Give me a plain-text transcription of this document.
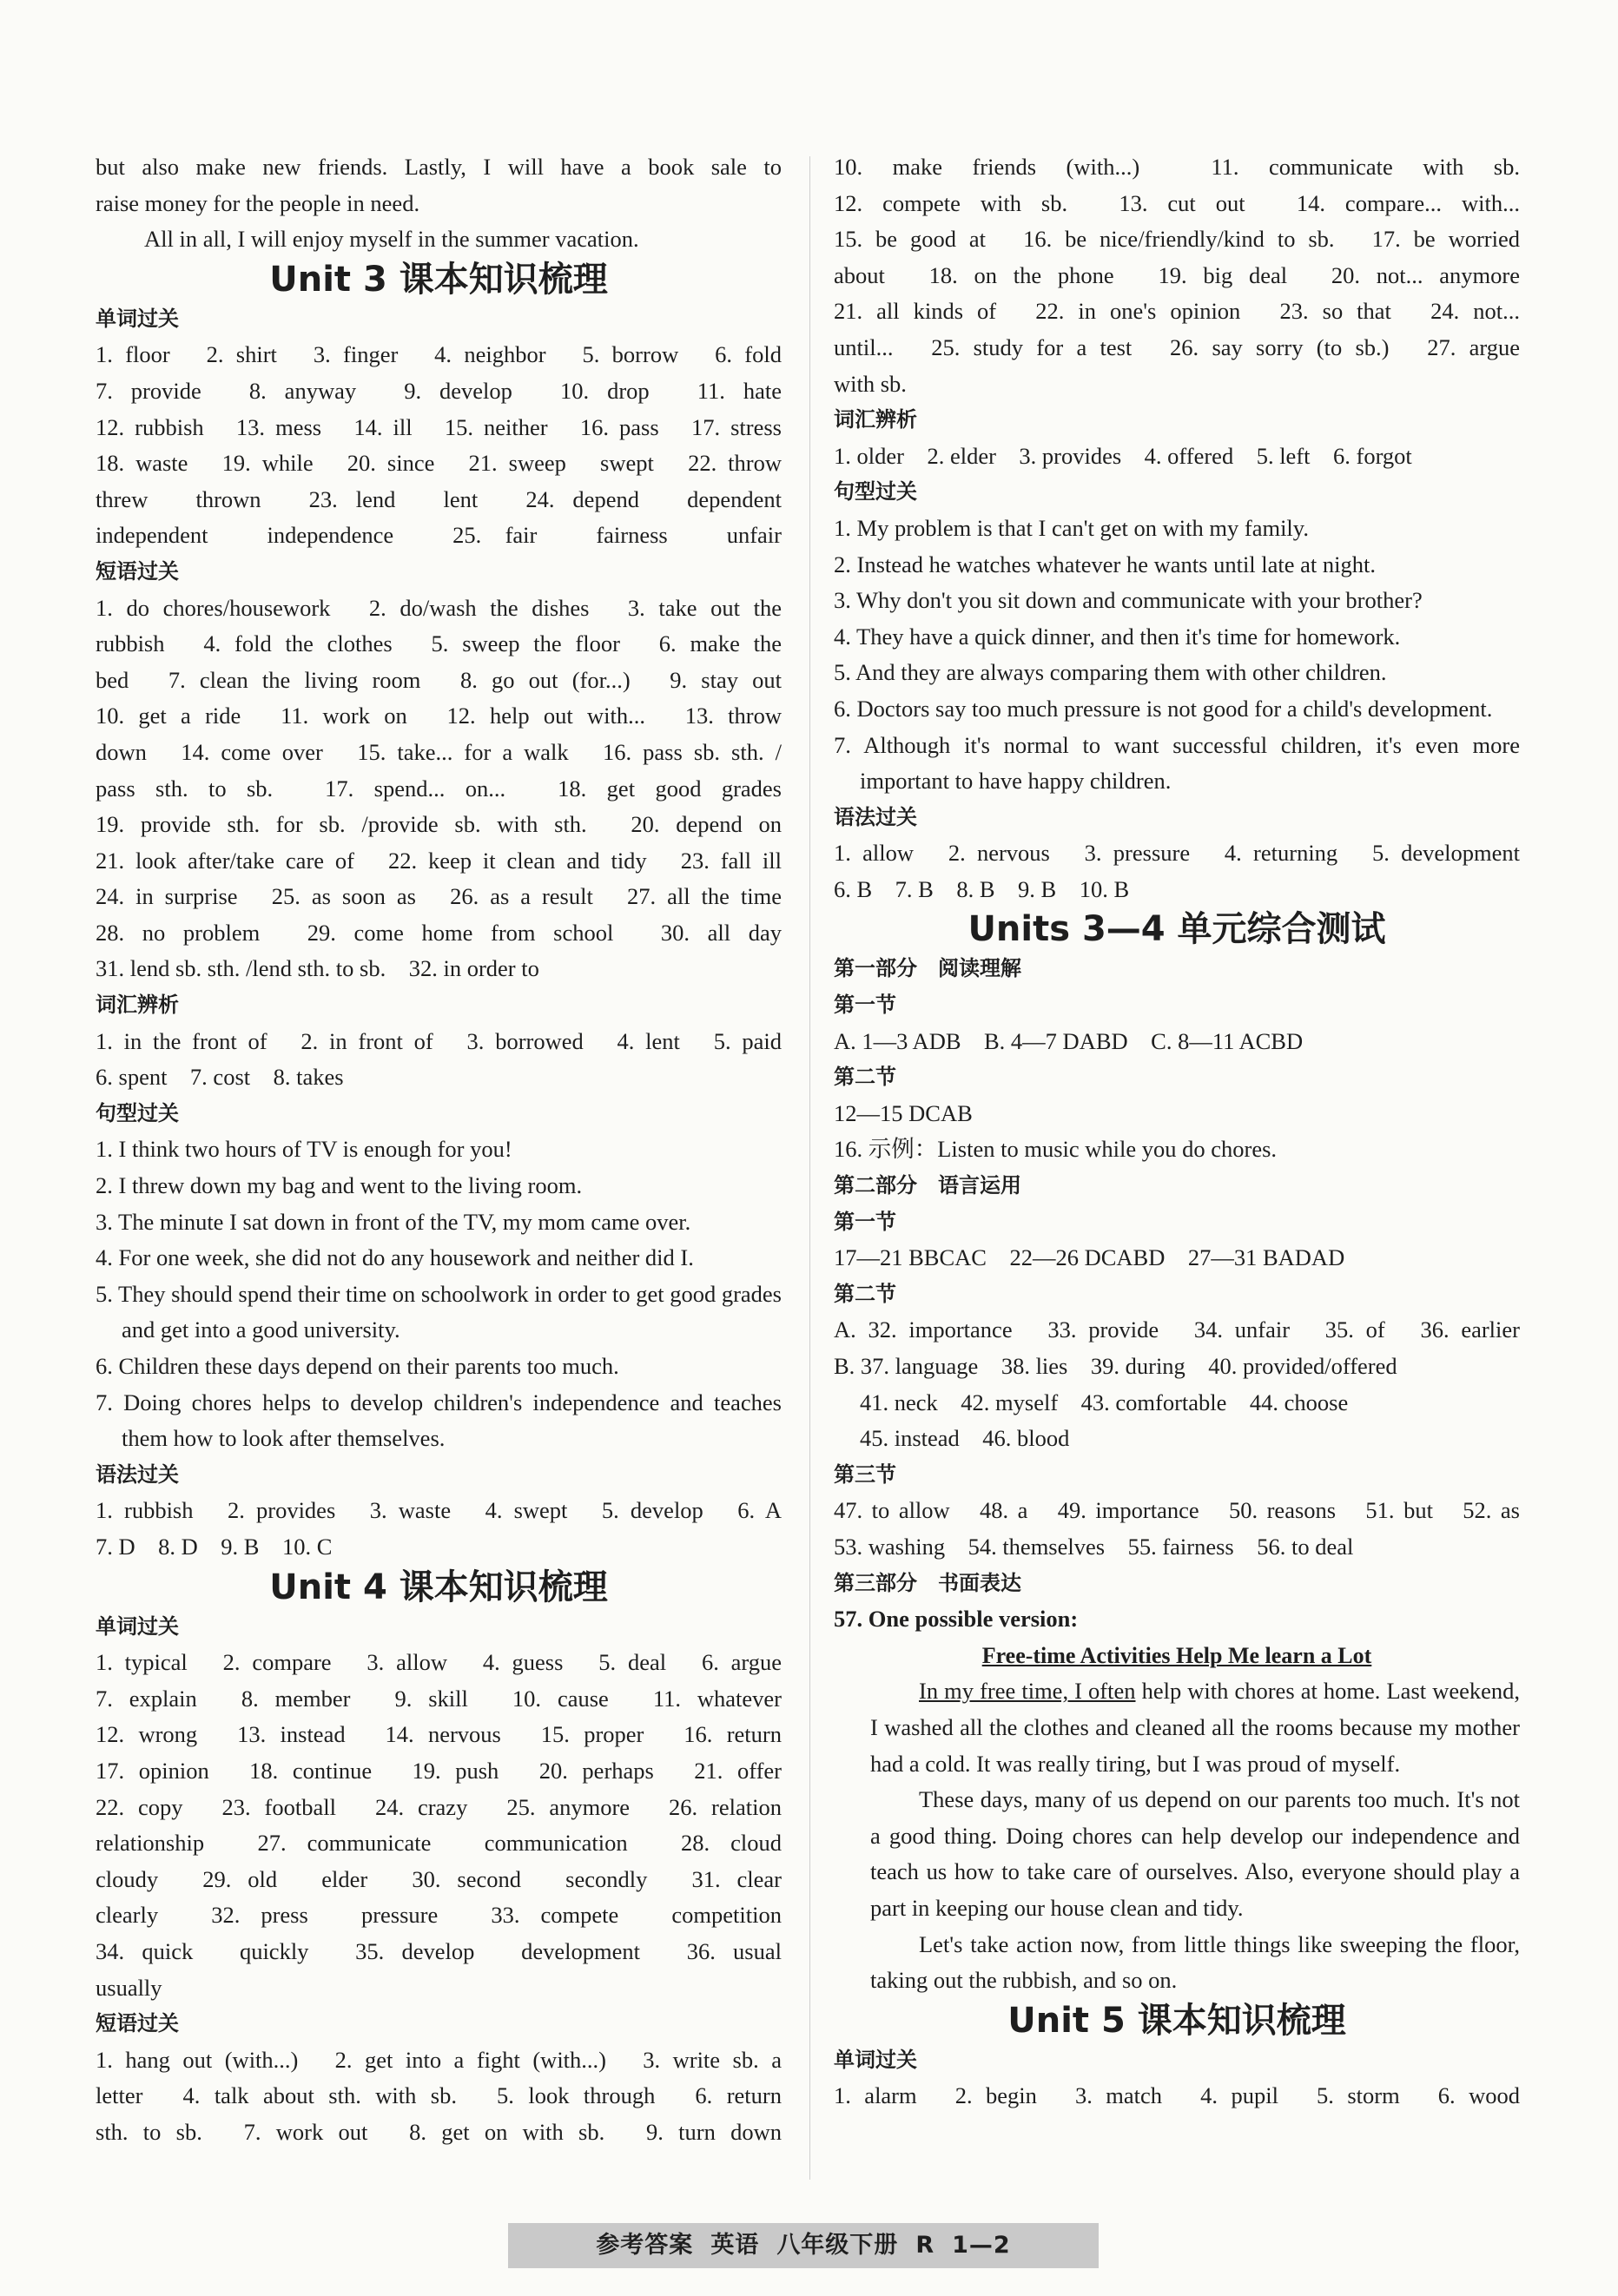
but also make new friends. Lastly, I will have a book sale to

raise money for the people in need.

All in all, I will enjoy myself in the summer vacation.

Unit 3 课本知识梳理

单词过关

1. floor　2. shirt　3. finger　4. neighbor　5. borrow　6. fold

7. provide　8. anyway　9. develop　10. drop　11. hate

12. rubbish　13. mess　14. ill　15. neither　16. pass　17. stress

18. waste　19. while　20. since　21. sweep　swept　22. throw

threw　thrown　23. lend　lent　24. depend　dependent

independent　independence　25. fair　fairness　unfair

短语过关

1. do chores/housework　2. do/wash the dishes　3. take out the

rubbish　4. fold the clothes　5. sweep the floor　6. make the

bed　7. clean the living room　8. go out (for...)　9. stay out

10. get a ride　11. work on　12. help out with...　13. throw

down　14. come over　15. take... for a walk　16. pass sb. sth. /

pass sth. to sb.　17. spend... on...　18. get good grades

19. provide sth. for sb. /provide sb. with sth.　20. depend on

21. look after/take care of　22. keep it clean and tidy　23. fall ill

24. in surprise　25. as soon as　26. as a result　27. all the time

28. no problem　29. come home from school　30. all day

31. lend sb. sth. /lend sth. to sb.　32. in order to

词汇辨析

1. in the front of　2. in front of　3. borrowed　4. lent　5. paid

6. spent　7. cost　8. takes

句型过关

1. I think two hours of TV is enough for you!

2. I threw down my bag and went to the living room.

3. The minute I sat down in front of the TV, my mom came over.

4. For one week, she did not do any housework and neither did I.

5. They should spend their time on schoolwork in order to get good grades and get into a good university.

6. Children these days depend on their parents too much.

7. Doing chores helps to develop children's independence and teaches them how to look after themselves.

语法过关

1. rubbish　2. provides　3. waste　4. swept　5. develop　6. A

7. D　8. D　9. B　10. C

Unit 4 课本知识梳理

单词过关

1. typical　2. compare　3. allow　4. guess　5. deal　6. argue

7. explain　8. member　9. skill　10. cause　11. whatever

12. wrong　13. instead　14. nervous　15. proper　16. return

17. opinion　18. continue　19. push　20. perhaps　21. offer

22. copy　23. football　24. crazy　25. anymore　26. relation

relationship　27. communicate　communication　28. cloud

cloudy　29. old　elder　30. second　secondly　31. clear

clearly　32. press　pressure　33. compete　competition

34. quick　quickly　35. develop　development　36. usual

usually

短语过关

1. hang out (with...)　2. get into a fight (with...)　3. write sb. a

letter　4. talk about sth. with sb.　5. look through　6. return

sth. to sb.　7. work out　8. get on with sb.　9. turn down

10. make friends (with...)　11. communicate with sb.

12. compete with sb.　13. cut out　14. compare... with...

15. be good at　16. be nice/friendly/kind to sb.　17. be worried

about　18. on the phone　19. big deal　20. not... anymore

21. all kinds of　22. in one's opinion　23. so that　24. not...

until...　25. study for a test　26. say sorry (to sb.)　27. argue

with sb.

词汇辨析

1. older　2. elder　3. provides　4. offered　5. left　6. forgot

句型过关

1. My problem is that I can't get on with my family.

2. Instead he watches whatever he wants until late at night.

3. Why don't you sit down and communicate with your brother?

4. They have a quick dinner, and then it's time for homework.

5. And they are always comparing them with other children.

6. Doctors say too much pressure is not good for a child's development.

7. Although it's normal to want successful children, it's even more important to have happy children.

语法过关

1. allow　2. nervous　3. pressure　4. returning　5. development

6. B　7. B　8. B　9. B　10. B

Units 3—4 单元综合测试

第一部分　阅读理解

第一节

A. 1—3 ADB　B. 4—7 DABD　C. 8—11 ACBD

第二节

12—15 DCAB

16. 示例：Listen to music while you do chores.

第二部分　语言运用

第一节

17—21 BBCAC　22—26 DCABD　27—31 BADAD

第二节

A. 32. importance　33. provide　34. unfair　35. of　36. earlier

B. 37. language　38. lies　39. during　40. provided/offered

41. neck　42. myself　43. comfortable　44. choose

45. instead　46. blood

第三节

47. to allow　48. a　49. importance　50. reasons　51. but　52. as

53. washing　54. themselves　55. fairness　56. to deal

第三部分　书面表达

57. One possible version:

Free-time Activities Help Me learn a Lot

In my free time, I often help with chores at home. Last weekend, I washed all the clothes and cleaned all the rooms because my mother had a cold. It was really tiring, but I was proud of myself.

These days, many of us depend on our parents too much. It's not a good thing. Doing chores can help develop our independence and teach us how to take care of ourselves. Also, everyone should play a part in keeping our house clean and tidy.

Let's take action now, from little things like sweeping the floor, taking out the rubbish, and so on.

Unit 5 课本知识梳理

单词过关

1. alarm　2. begin　3. match　4. pupil　5. storm　6. wood

参考答案 英语 八年级下册 R 1—2
